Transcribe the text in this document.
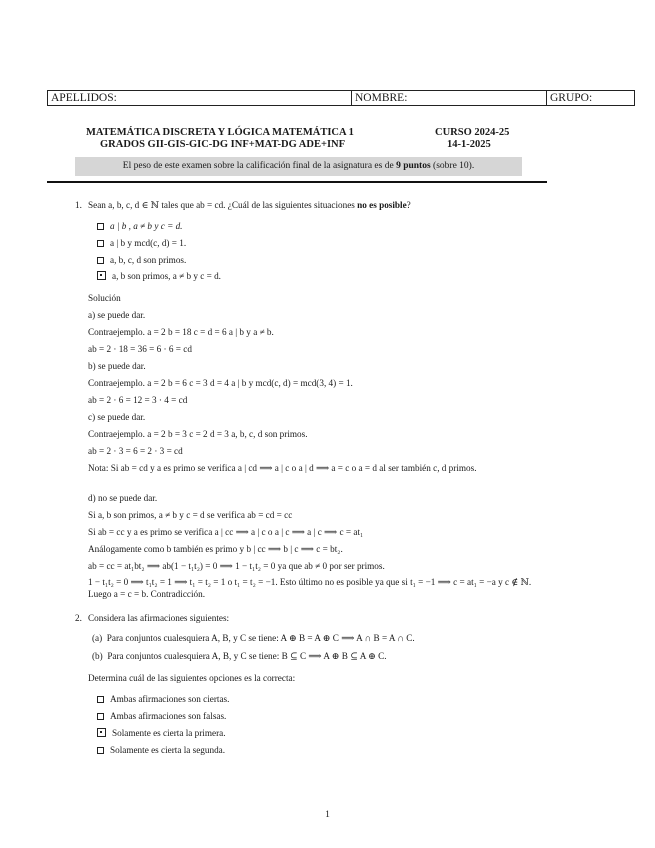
APELLIDOS:	NOMBRE:	GRUPO:
MATEMÁTICA DISCRETA Y LÓGICA MATEMÁTICA 1	CURSO 2024-25
GRADOS GII-GIS-GIC-DG INF+MAT-DG ADE+INF	14-1-2025
El peso de este examen sobre la calificación final de la asignatura es de 9 puntos (sobre 10).
1. Sean a, b, c, d ∈ ℕ tales que ab = cd. ¿Cuál de las siguientes situaciones no es posible?
a | b , a ≠ b y c = d.
a | b y mcd(c, d) = 1.
a, b, c, d son primos.
a, b son primos, a ≠ b y c = d.
Solución
a) se puede dar.
Contraejemplo. a = 2 b = 18 c = d = 6 a | b y a ≠ b.
ab = 2 · 18 = 36 = 6 · 6 = cd
b) se puede dar.
Contraejemplo. a = 2 b = 6 c = 3 d = 4 a | b y mcd(c, d) = mcd(3, 4) = 1.
ab = 2 · 6 = 12 = 3 · 4 = cd
c) se puede dar.
Contraejemplo. a = 2 b = 3 c = 2 d = 3 a, b, c, d son primos.
ab = 2 · 3 = 6 = 2 · 3 = cd
Nota: Si ab = cd y a es primo se verifica a | cd ⟹ a | c o a | d ⟹ a = c o a = d al ser también c, d primos.
d) no se puede dar.
Si a, b son primos, a ≠ b y c = d se verifica ab = cd = cc
Si ab = cc y a es primo se verifica a | cc ⟹ a | c o a | c ⟹ a | c ⟹ c = at₁
Análogamente como b también es primo y b | cc ⟹ b | c ⟹ c = bt₂.
ab = cc = at₁bt₂ ⟹ ab(1 − t₁t₂) = 0 ⟹ 1 − t₁t₂ = 0 ya que ab ≠ 0 por ser primos.
1 − t₁t₂ = 0 ⟹ t₁t₂ = 1 ⟹ t₁ = t₂ = 1 o t₁ = t₂ = −1. Esto último no es posible ya que si t₁ = −1 ⟹ c = at₁ = −a y c ∉ ℕ. Luego a = c = b. Contradicción.
2. Considera las afirmaciones siguientes:
(a) Para conjuntos cualesquiera A, B, y C se tiene: A ⊕ B = A ⊕ C ⟹ A ∩ B = A ∩ C.
(b) Para conjuntos cualesquiera A, B, y C se tiene: B ⊆ C ⟹ A ⊕ B ⊆ A ⊕ C.
Determina cuál de las siguientes opciones es la correcta:
Ambas afirmaciones son ciertas.
Ambas afirmaciones son falsas.
Solamente es cierta la primera.
Solamente es cierta la segunda.
1
